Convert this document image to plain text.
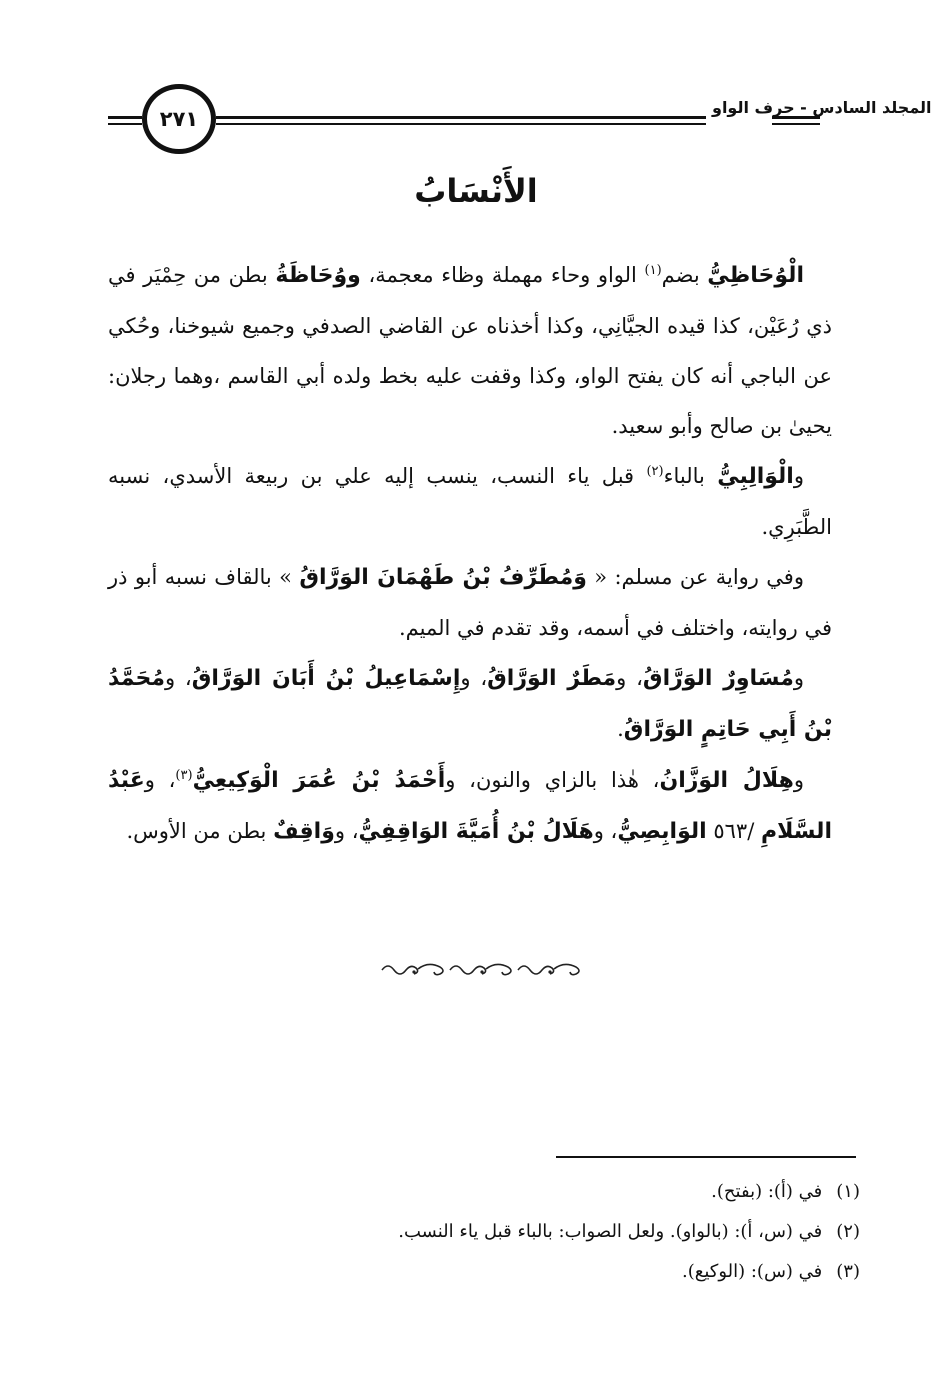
٢٧١	المجلد السادس - حرف الواو
الأَنْسَابُ

الْوُحَاظِيُّ بضم$^{(١)}$ الواو وحاء مهملة وظاء معجمة، ووُحَاظَةُ بطن من حِمْيَر في ذي رُعَيْن، كذا قيده الجيَّانِي، وكذا أخذناه عن القاضي الصدفي وجميع شيوخنا، وحُكي عن الباجي أنه كان يفتح الواو، وكذا وقفت عليه بخط ولده أبي القاسم ،وهما رجلان: يحيىٰ بن صالح وأبو سعيد.

والْوَالِبِيُّ بالباء$^{(٢)}$ قبل ياء النسب، ينسب إليه علي بن ربيعة الأسدي، نسبه الطَّبَرِي.

وفي رواية عن مسلم: « وَمُطَرِّفُ بْنُ طَهْمَانَ الوَرَّاقُ » بالقاف نسبه أبو ذر في روايته، واختلف في أسمه، وقد تقدم في الميم.

ومُسَاوِرٌ الوَرَّاقُ، ومَطَرٌ الوَرَّاقُ، وإِسْمَاعِيلُ بْنُ أَبَانَ الوَرَّاقُ، ومُحَمَّدُ بْنُ أَبِي حَاتِمٍ الوَرَّاقُ.

وهِلَالُ الوَزَّانُ، هٰذا بالزاي والنون، وأَحْمَدُ بْنُ عُمَرَ الْوَكِيعِيُّ$^{(٣)}$، وعَبْدُ السَّلَامِ /٥٦٣ الوَابِصِيُّ، وهَلَالُ بْنُ أُمَيَّةَ الوَاقِفِيُّ، ووَاقِفٌ بطن من الأوس.

(١)في (أ): (بفتح).
(٢)في (س، أ): (بالواو). ولعل الصواب: بالباء قبل ياء النسب.
(٣)في (س): (الوكيع).
